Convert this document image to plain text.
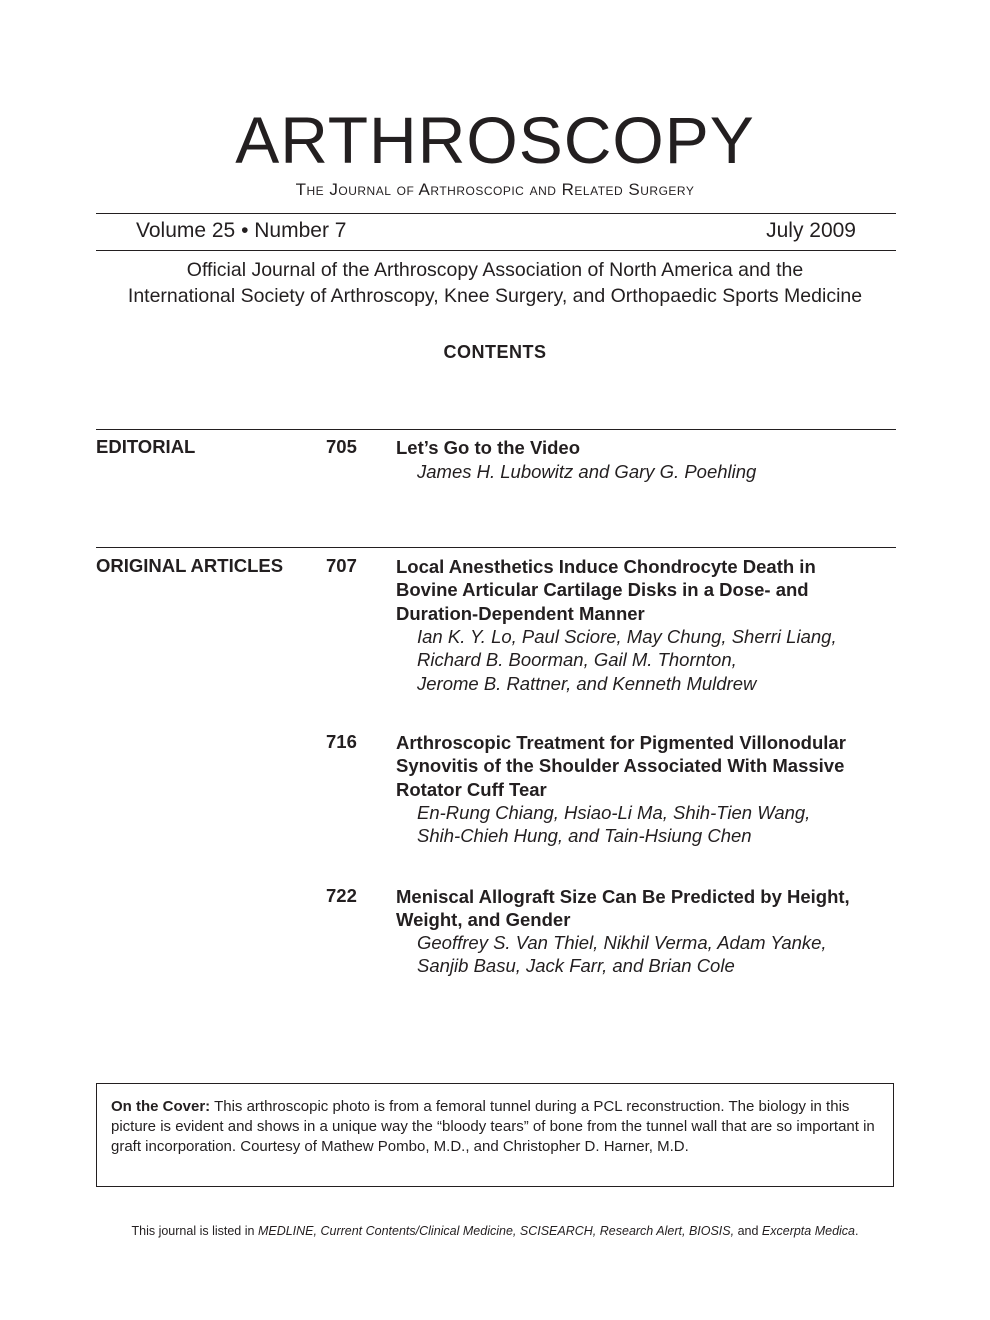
ARTHROSCOPY
The Journal of Arthroscopic and Related Surgery
Volume 25 • Number 7	July 2009
Official Journal of the Arthroscopy Association of North America and the
International Society of Arthroscopy, Knee Surgery, and Orthopaedic Sports Medicine
CONTENTS
EDITORIAL	705 Let’s Go to the Video
James H. Lubowitz and Gary G. Poehling
ORIGINAL ARTICLES 707 Local Anesthetics Induce Chondrocyte Death in
Bovine Articular Cartilage Disks in a Dose- and
Duration-Dependent Manner
Ian K. Y. Lo, Paul Sciore, May Chung, Sherri Liang,
Richard B. Boorman, Gail M. Thornton,
Jerome B. Rattner, and Kenneth Muldrew
716 Arthroscopic Treatment for Pigmented Villonodular
Synovitis of the Shoulder Associated With Massive
Rotator Cuff Tear
En-Rung Chiang, Hsiao-Li Ma, Shih-Tien Wang,
Shih-Chieh Hung, and Tain-Hsiung Chen
722 Meniscal Allograft Size Can Be Predicted by Height,
Weight, and Gender
Geoffrey S. Van Thiel, Nikhil Verma, Adam Yanke,
Sanjib Basu, Jack Farr, and Brian Cole
On the Cover: This arthroscopic photo is from a femoral tunnel during a PCL reconstruction. The biology in this picture is evident and shows in a unique way the “bloody tears” of bone from the tunnel wall that are so important in graft incorporation. Courtesy of Mathew Pombo, M.D., and Christopher D. Harner, M.D.
This journal is listed in MEDLINE, Current Contents/Clinical Medicine, SCISEARCH, Research Alert, BIOSIS, and Excerpta Medica.
